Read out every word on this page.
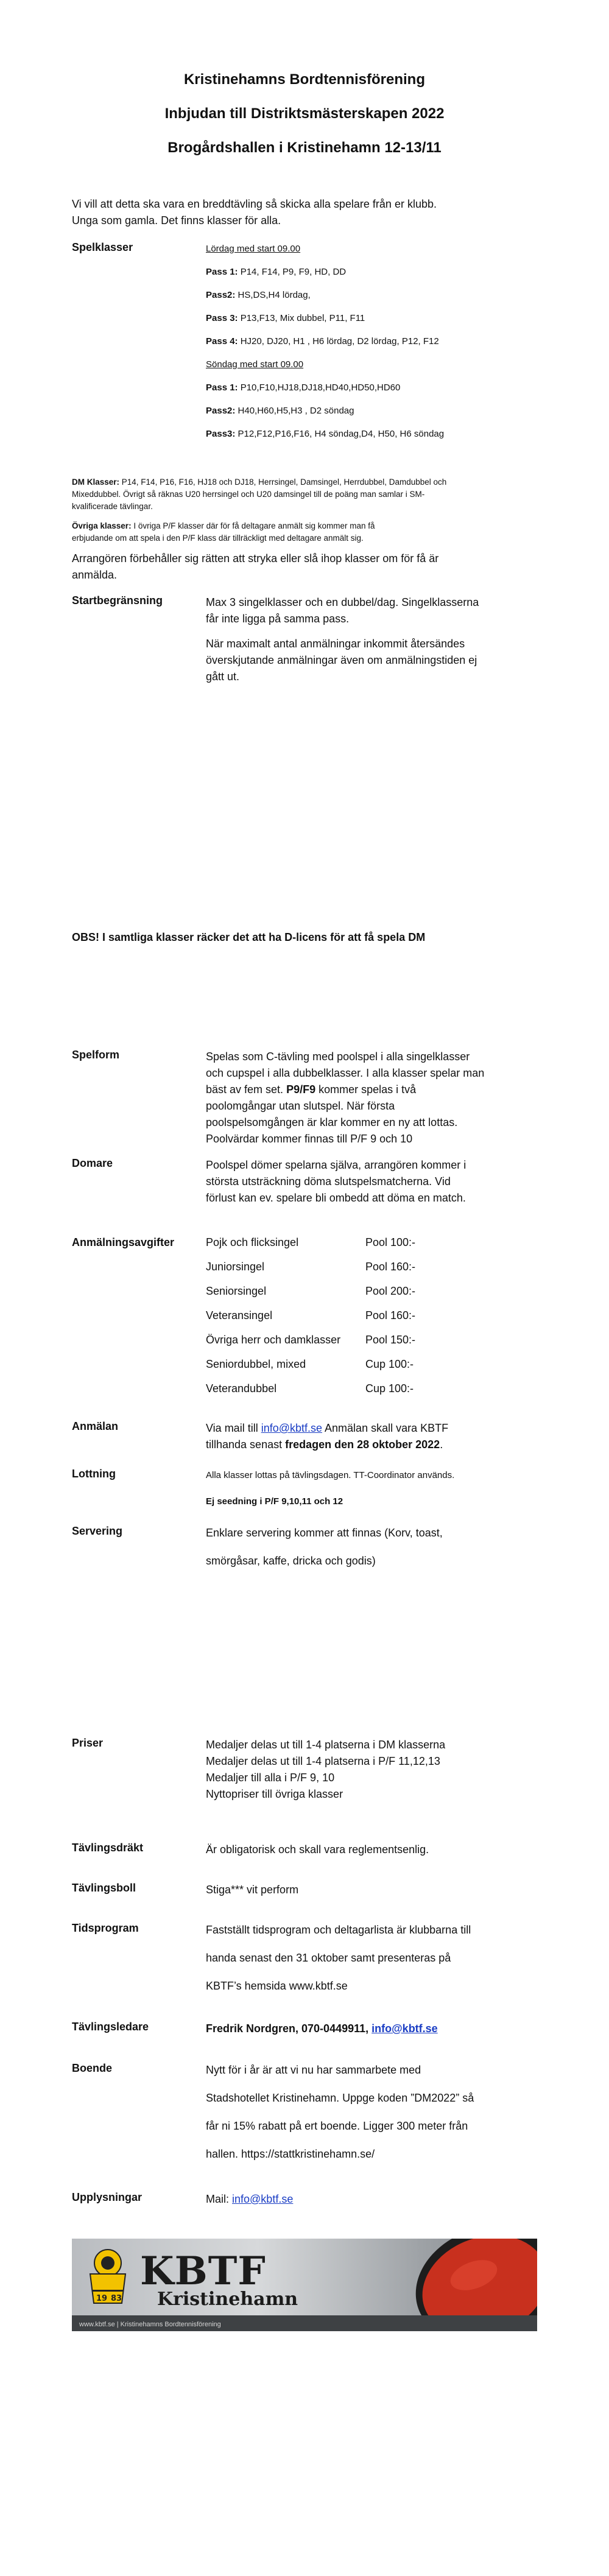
Kristinehamns Bordtennisförening
Inbjudan till Distriktsmästerskapen 2022
Brogårdshallen i Kristinehamn 12-13/11
Vi vill att detta ska vara en breddtävling så skicka alla spelare från er klubb.
Unga som gamla. Det finns klasser för alla.
Spelklasser	Lördag med start 09.00
Pass 1: P14, F14, P9, F9, HD, DD
Pass2: HS,DS,H4 lördag,
Pass 3: P13,F13, Mix dubbel, P11, F11
Pass 4: HJ20, DJ20, H1 , H6 lördag, D2 lördag, P12, F12
Söndag med start 09.00
Pass 1: P10,F10,HJ18,DJ18,HD40,HD50,HD60
Pass2: H40,H60,H5,H3 , D2 söndag
Pass3: P12,F12,P16,F16, H4 söndag,D4, H50, H6 söndag
DM Klasser: P14, F14, P16, F16, HJ18 och DJ18, Herrsingel, Damsingel, Herrdubbel, Damdubbel och
Mixeddubbel. Övrigt så räknas U20 herrsingel och U20 damsingel till de poäng man samlar i SM-
kvalificerade tävlingar.
Övriga klasser: I övriga P/F klasser där för få deltagare anmält sig kommer man få
erbjudande om att spela i den P/F klass där tillräckligt med deltagare anmält sig.
Arrangören förbehåller sig rätten att stryka eller slå ihop klasser om för få är
anmälda.
Startbegränsning	Max 3 singelklasser och en dubbel/dag. Singelklasserna
får inte ligga på samma pass.
När maximalt antal anmälningar inkommit återsändes
överskjutande anmälningar även om anmälningstiden ej
gått ut.
OBS! I samtliga klasser räcker det att ha D-licens för att få spela DM
Spelform	Spelas som C-tävling med poolspel i alla singelklasser
och cupspel i alla dubbelklasser. I alla klasser spelar man
bäst av fem set. P9/F9 kommer spelas i två
poolomgångar utan slutspel. När första
poolspelsomgången är klar kommer en ny att lottas.
Poolvärdar kommer finnas till P/F 9 och 10
Domare	Poolspel dömer spelarna själva, arrangören kommer i
största utsträckning döma slutspelsmatcherna. Vid
förlust kan ev. spelare bli ombedd att döma en match.
Anmälningsavgifter	Pojk och flicksingel	Pool 100:-
Juniorsingel	Pool 160:-
Seniorsingel	Pool 200:-
Veteransingel	Pool 160:-
Övriga herr och damklasser Pool 150:-
Seniordubbel, mixed	Cup 100:-
Veterandubbel	Cup 100:-
Anmälan	Via mail till info@kbtf.se Anmälan skall vara KBTF
tillhanda senast fredagen den 28 oktober 2022.
Lottning	Alla klasser lottas på tävlingsdagen. TT-Coordinator används.
Ej seedning i P/F 9,10,11 och 12
Servering	Enklare servering kommer att finnas (Korv, toast,
smörgåsar, kaffe, dricka och godis)
Priser	Medaljer delas ut till 1-4 platserna i DM klasserna
Medaljer delas ut till 1-4 platserna i P/F 11,12,13
Medaljer till alla i P/F 9, 10
Nyttopriser till övriga klasser
Tävlingsdräkt	Är obligatorisk och skall vara reglementsenlig.
Tävlingsboll	Stiga*** vit perform
Tidsprogram	Fastställt tidsprogram och deltagarlista är klubbarna till
handa senast den 31 oktober samt presenteras på
KBTF’s hemsida www.kbtf.se
Tävlingsledare	Fredrik Nordgren, 070-0449911, info@kbtf.se
Boende	Nytt för i år är att vi nu har sammarbete med
Stadshotellet Kristinehamn. Uppge koden ”DM2022” så
får ni 15% rabatt på ert boende. Ligger 300 meter från
hallen. https://stattkristinehamn.se/
Upplysningar	Mail: info@kbtf.se
19 83
KBTF
Kristinehamn
www.kbtf.se | Kristinehamns Bordtennisförening
